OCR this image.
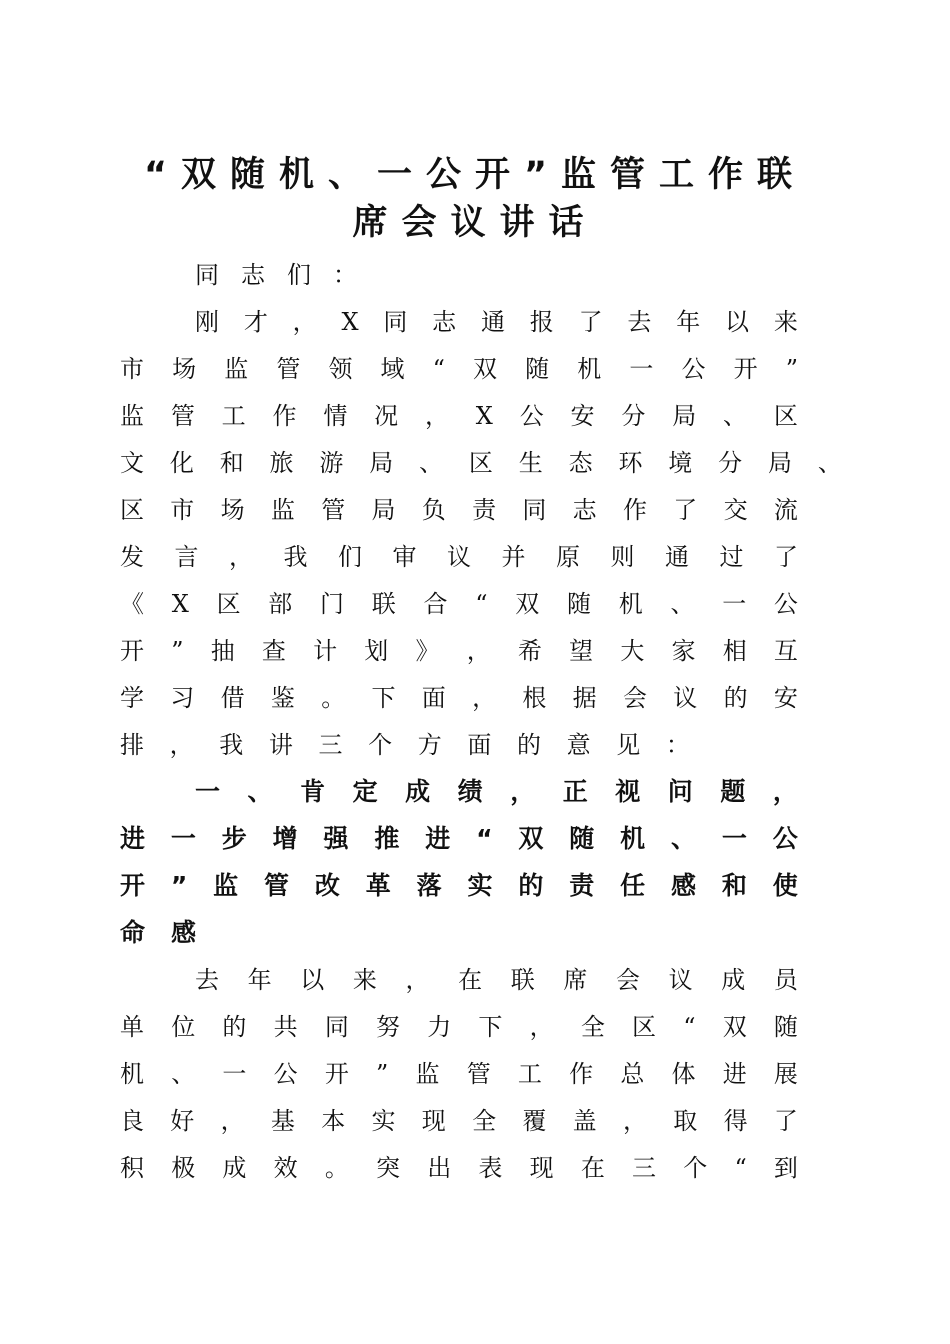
“双随机、一公开”监管工作联
席会议讲话
同志们：
刚 才 ， X 同 志 通 报 了 去 年 以 来
市 场 监 管 领 域 “ 双 随 机 一 公 开 ”
监 管 工 作 情 况 ， X 公 安 分 局 、 区
文 化 和 旅 游 局 、 区 生 态 环 境 分 局 、
区 市 场 监 管 局 负 责 同 志 作 了 交 流
发 言 ， 我 们 审 议 并 原 则 通 过 了
《 X 区 部 门 联 合 “ 双 随 机 、 一 公
开 ” 抽 查 计 划 》 ， 希 望 大 家 相 互
学 习 借 鉴 。 下 面 ， 根 据 会 议 的 安
排 ， 我 讲 三 个 方 面 的 意 见 ：
一 、 肯 定 成 绩 ， 正 视 问 题 ，
进 一 步 增 强 推 进 “ 双 随 机 、 一 公
开 ” 监 管 改 革 落 实 的 责 任 感 和 使
命 感
去 年 以 来 ， 在 联 席 会 议 成 员
单 位 的 共 同 努 力 下 ， 全 区 “ 双 随
机 、 一 公 开 ” 监 管 工 作 总 体 进 展
良 好 ， 基 本 实 现 全 覆 盖 ， 取 得 了
积 极 成 效 。 突 出 表 现 在 三 个 “ 到
